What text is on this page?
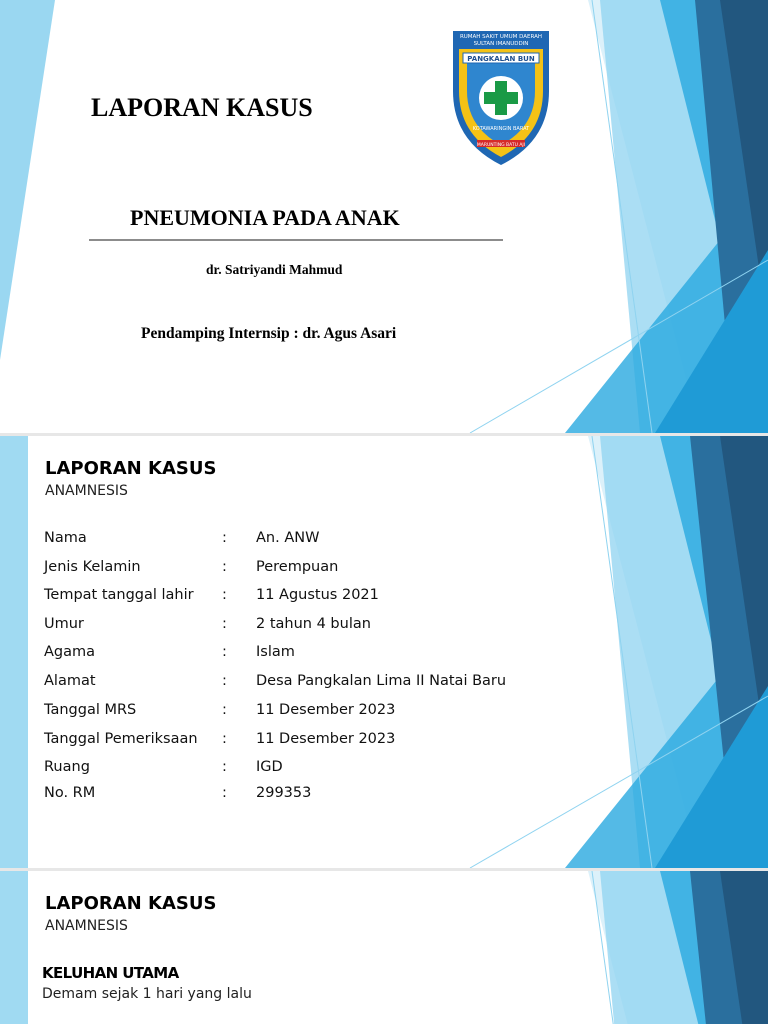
LAPORAN KASUS
RUMAH SAKIT UMUM DAERAH
SULTAN IMANUDDIN
PANGKALAN BUN
KOTAWARINGIN BARAT
MARUNTING BATU AJI
PNEUMONIA PADA ANAK
dr. Satriyandi Mahmud
Pendamping Internsip : dr. Agus Asari
LAPORAN KASUS
ANAMNESIS
Nama	: An. ANW
Jenis Kelamin	: Perempuan
Tempat tanggal lahir : 11 Agustus 2021
Umur	: 2 tahun 4 bulan
Agama	: Islam
Alamat	: Desa Pangkalan Lima II Natai Baru
Tanggal MRS	: 11 Desember 2023
Tanggal Pemeriksaan : 11 Desember 2023
Ruang	: IGD
No. RM	: 299353
LAPORAN KASUS
ANAMNESIS
KELUHAN UTAMA
Demam sejak 1 hari yang lalu
